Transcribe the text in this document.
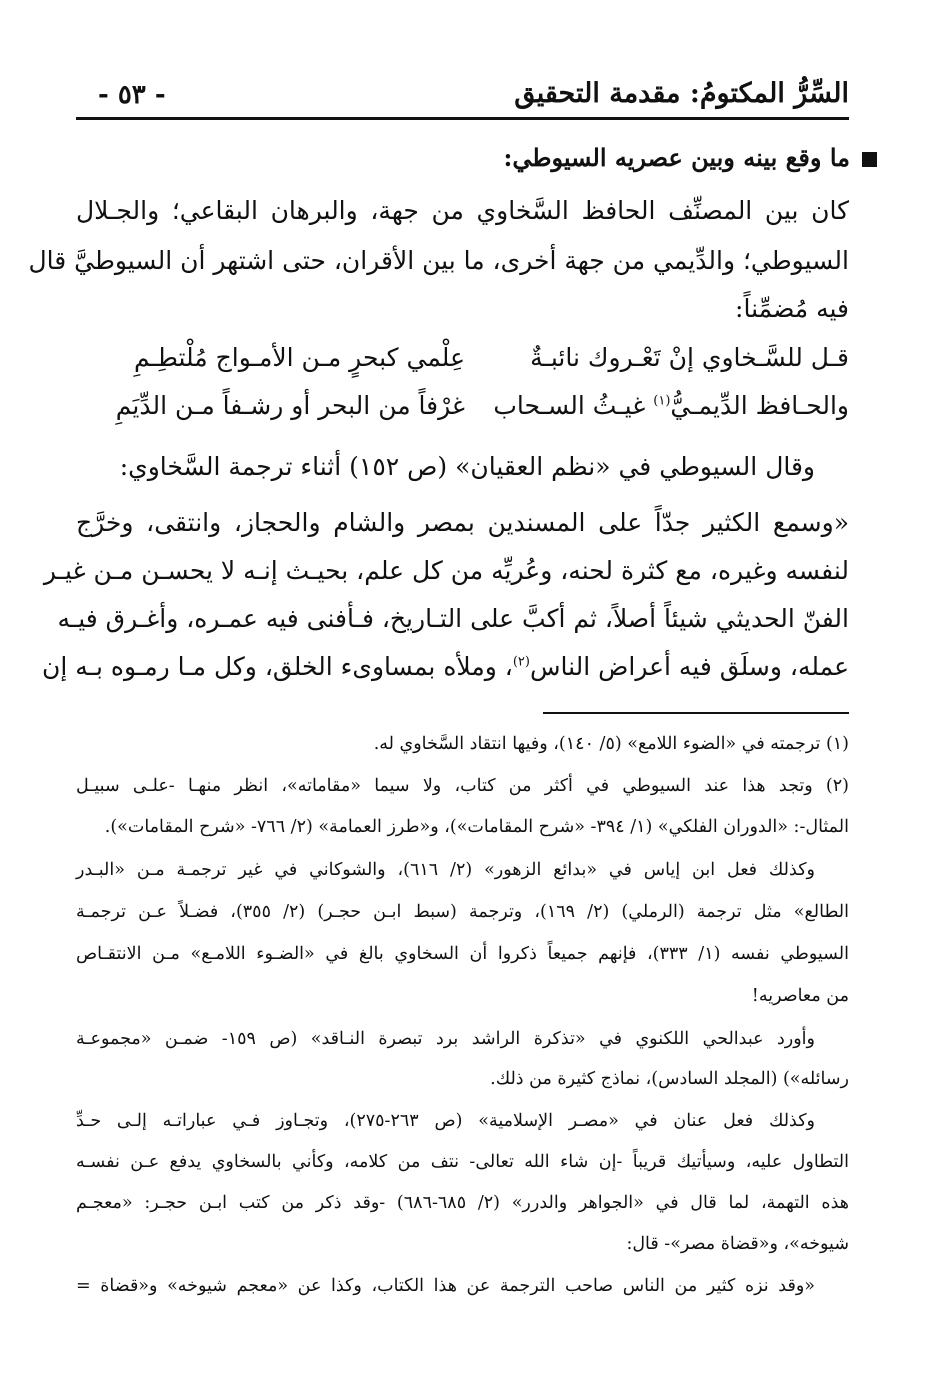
السِّرُّ المكتومُ: مقدمة التحقيق
- ٥٣ -
ما وقع بينه وبين عصريه السيوطي:
كان بين المصنِّف الحافظ السَّخاوي من جهة، والبرهان البقاعي؛ والجـلال
السيوطي؛ والدِّيمي من جهة أخرى، ما بين الأقران، حتى اشتهر أن السيوطيَّ قال
فيه مُضمِّناً:
قـل للسَّـخاوي إنْ تَعْـروك نائبـةٌ
عِلْمي كبحرٍ مـن الأمـواج مُلْتطِـمِ
والحـافظ الدِّيمـيُّ$^{(١)}$ غيـثُ السـحاب
غرْفاً من البحر أو رشـفاً مـن الدِّيَمِ
وقال السيوطي في «نظم العقيان» (ص ١٥٢) أثناء ترجمة السَّخاوي:
«وسمع الكثير جدّاً على المسندين بمصر والشام والحجاز، وانتقى، وخرَّج
لنفسه وغيره، مع كثرة لحنه، وعُريِّه من كل علم، بحيـث إنـه لا يحسـن مـن غيـر
الفنّ الحديثي شيئاً أصلاً، ثم أكبَّ على التـاريخ، فـأفنى فيه عمـره، وأغـرق فيـه
عمله، وسلَق فيه أعراض الناس$^{(٢)}$، وملأه بمساوىء الخلق، وكل مـا رمـوه بـه إن
(١) ترجمته في «الضوء اللامع» (٥/ ١٤٠)، وفيها انتقاد السَّخاوي له.
(٢) وتجد هذا عند السيوطي في أكثر من كتاب، ولا سيما «مقاماته»، انظر منهـا -علـى سبيـل
المثال-: «الدوران الفلكي» (١/ ٣٩٤- «شرح المقامات»)، و«طرز العمامة» (٢/ ٧٦٦- «شرح المقامات»).
وكذلك فعل ابن إياس في «بدائع الزهور» (٢/ ٦١٦)، والشوكاني في غير ترجمـة مـن «البـدر
الطالع» مثل ترجمة (الرملي) (٢/ ١٦٩)، وترجمة (سبط ابـن حجـر) (٢/ ٣٥٥)، فضـلاً عـن ترجمـة
السيوطي نفسه (١/ ٣٣٣)، فإنهم جميعاً ذكروا أن السخاوي بالغ في «الضـوء اللامـع» مـن الانتقـاص
من معاصريه!
وأورد عبدالحي اللكنوي في «تذكرة الراشد برد تبصرة النـاقد» (ص ١٥٩- ضمـن «مجموعـة
رسائله») (المجلد السادس)، نماذج كثيرة من ذلك.
وكذلك فعل عنان في «مصـر الإسلامية» (ص ٢٦٣-٢٧٥)، وتجـاوز فـي عباراتـه إلـى حـدِّ
التطاول عليه، وسيأتيك قريباً -إن شاء الله تعالى- نتف من كلامه، وكأني بالسخاوي يدفع عـن نفسـه
هذه التهمة، لما قال في «الجواهر والدرر» (٢/ ٦٨٥-٦٨٦) -وقد ذكر من كتب ابـن حجـر: «معجـم
شيوخه»، و«قضاة مصر»- قال:
«وقد نزه كثير من الناس صاحب الترجمة عن هذا الكتاب، وكذا عن «معجم شيوخه» و«قضاة =
